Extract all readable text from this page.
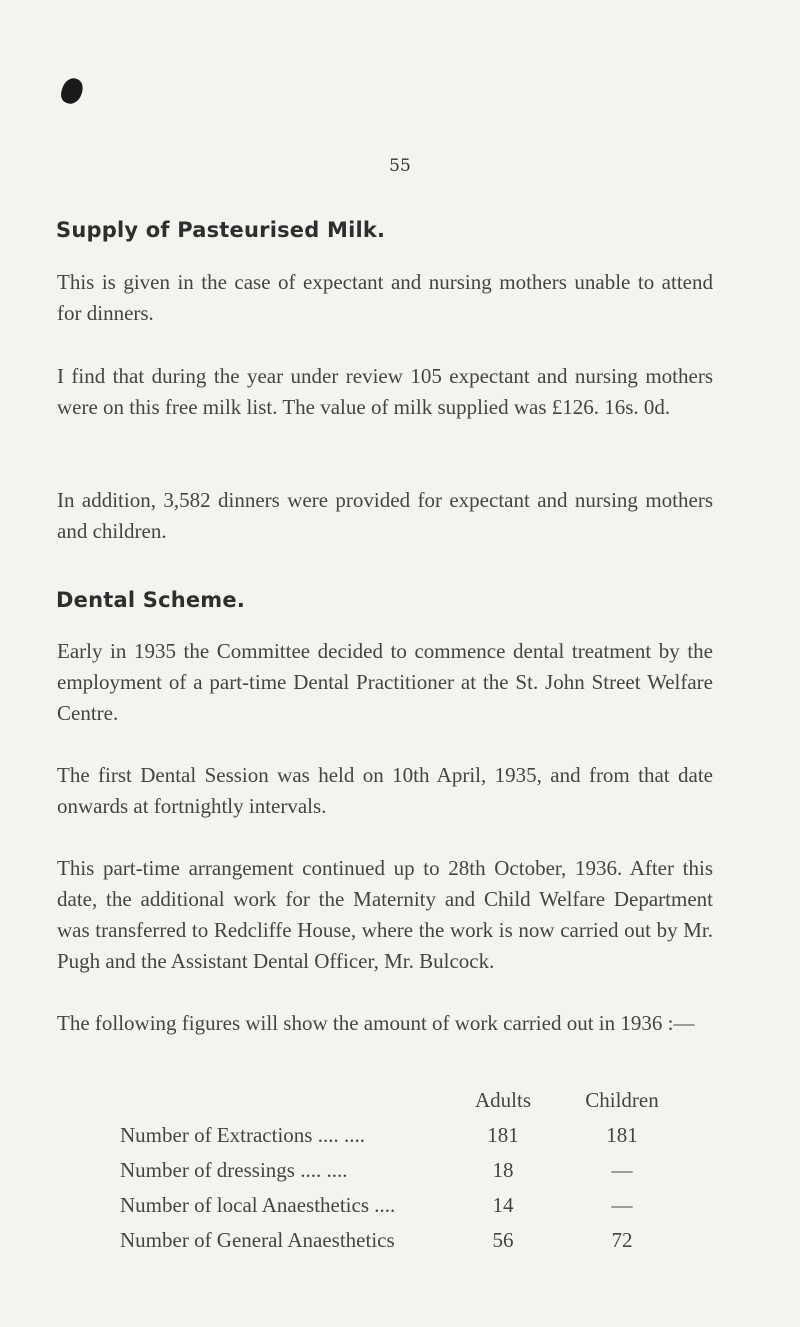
55
Supply of Pasteurised Milk.

This is given in the case of expectant and nursing mothers unable to attend for dinners.

I find that during the year under review 105 expectant and nursing mothers were on this free milk list. The value of milk supplied was £126. 16s. 0d.

In addition, 3,582 dinners were provided for expectant and nursing mothers and children.

Dental Scheme.

Early in 1935 the Committee decided to commence dental treatment by the employment of a part-time Dental Practitioner at the St. John Street Welfare Centre.

The first Dental Session was held on 10th April, 1935, and from that date onwards at fortnightly intervals.

This part-time arrangement continued up to 28th October, 1936. After this date, the additional work for the Maternity and Child Welfare Department was transferred to Redcliffe House, where the work is now carried out by Mr. Pugh and the Assistant Dental Officer, Mr. Bulcock.

The following figures will show the amount of work carried out in 1936 :—

Adults	Children
Number of Extractions .... ....	181	181
Number of dressings .... ....	18	—
Number of local Anaesthetics ....	14	—
Number of General Anaesthetics	56	72
